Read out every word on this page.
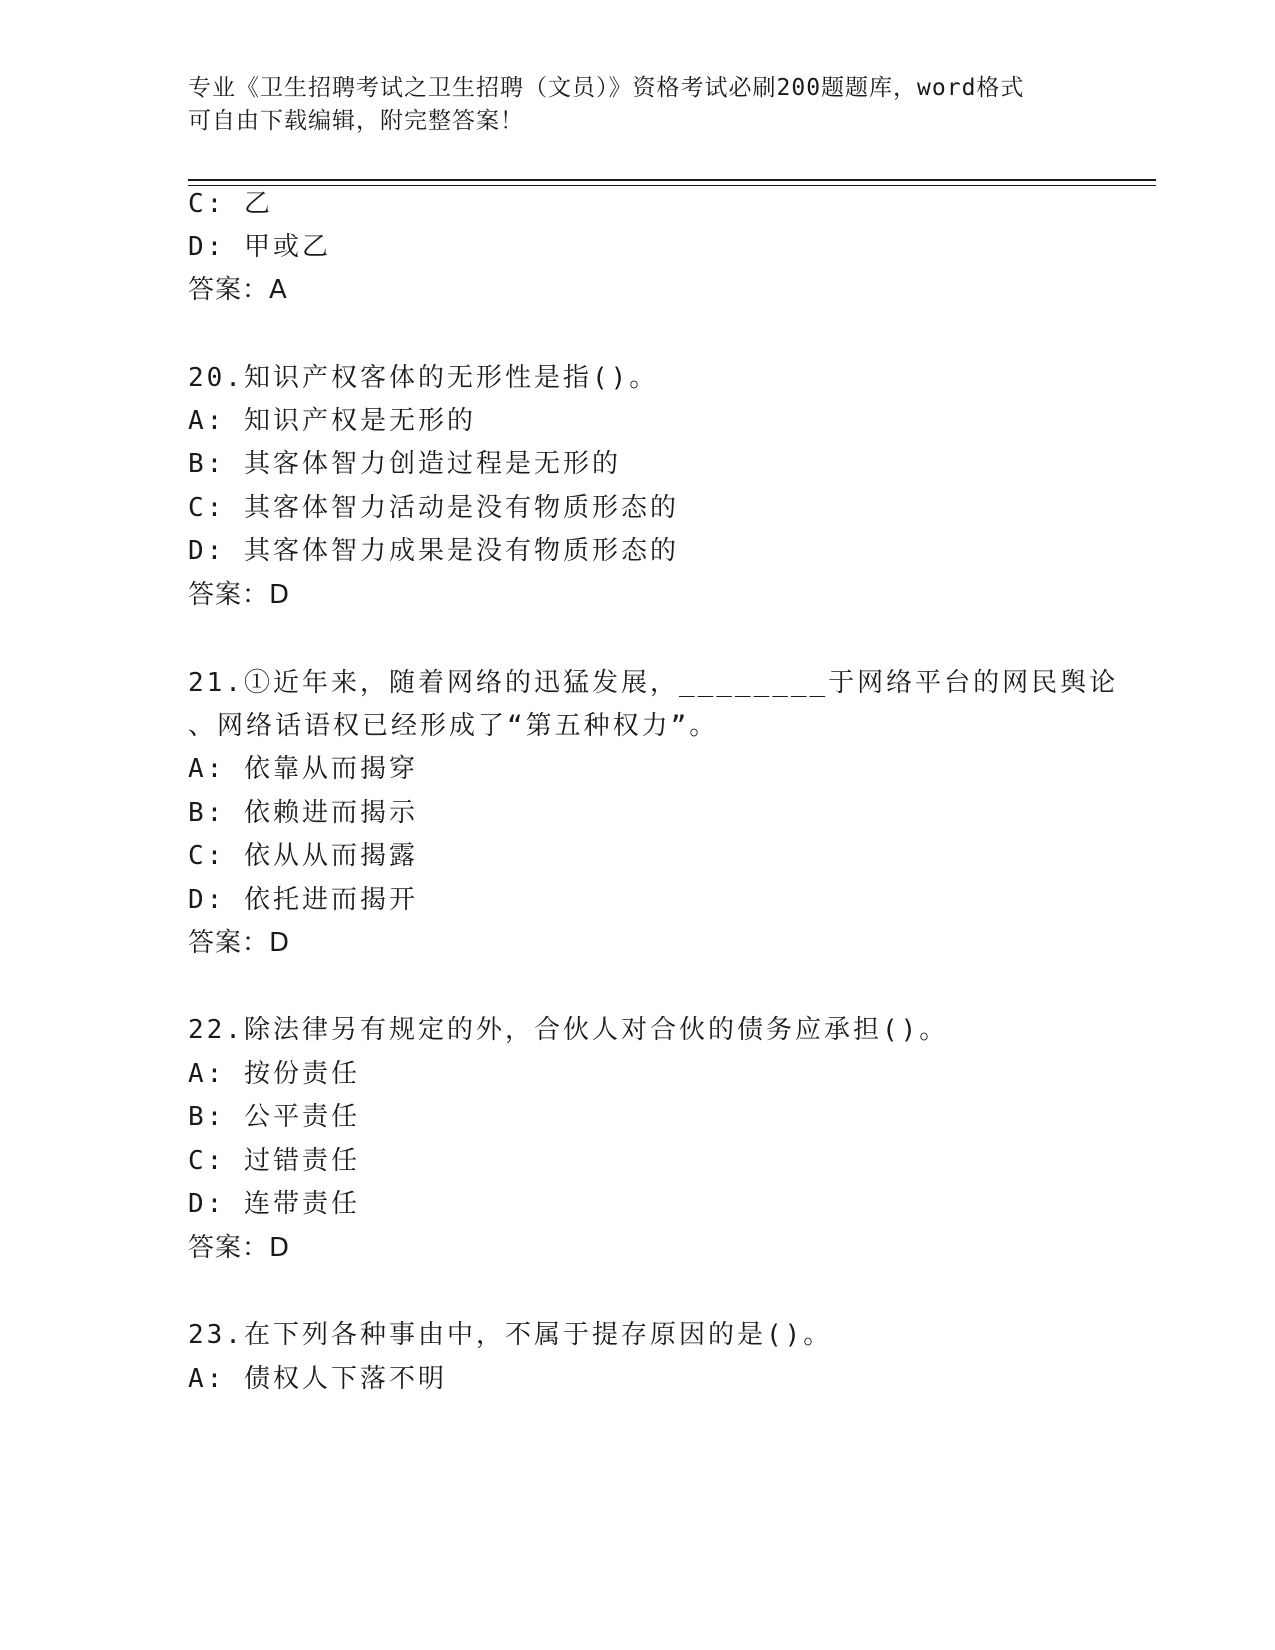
专业《卫生招聘考试之卫生招聘（文员）》资格考试必刷200题题库，word格式
可自由下载编辑，附完整答案！
C: 乙
D: 甲或乙
答案：A
20.知识产权客体的无形性是指()。
A: 知识产权是无形的
B: 其客体智力创造过程是无形的
C: 其客体智力活动是没有物质形态的
D: 其客体智力成果是没有物质形态的
答案：D
21.①近年来，随着网络的迅猛发展，________于网络平台的网民舆论
、网络话语权已经形成了“第五种权力”。
A: 依靠从而揭穿
B: 依赖进而揭示
C: 依从从而揭露
D: 依托进而揭开
答案：D
22.除法律另有规定的外，合伙人对合伙的债务应承担()。
A: 按份责任
B: 公平责任
C: 过错责任
D: 连带责任
答案：D
23.在下列各种事由中，不属于提存原因的是()。
A: 债权人下落不明
